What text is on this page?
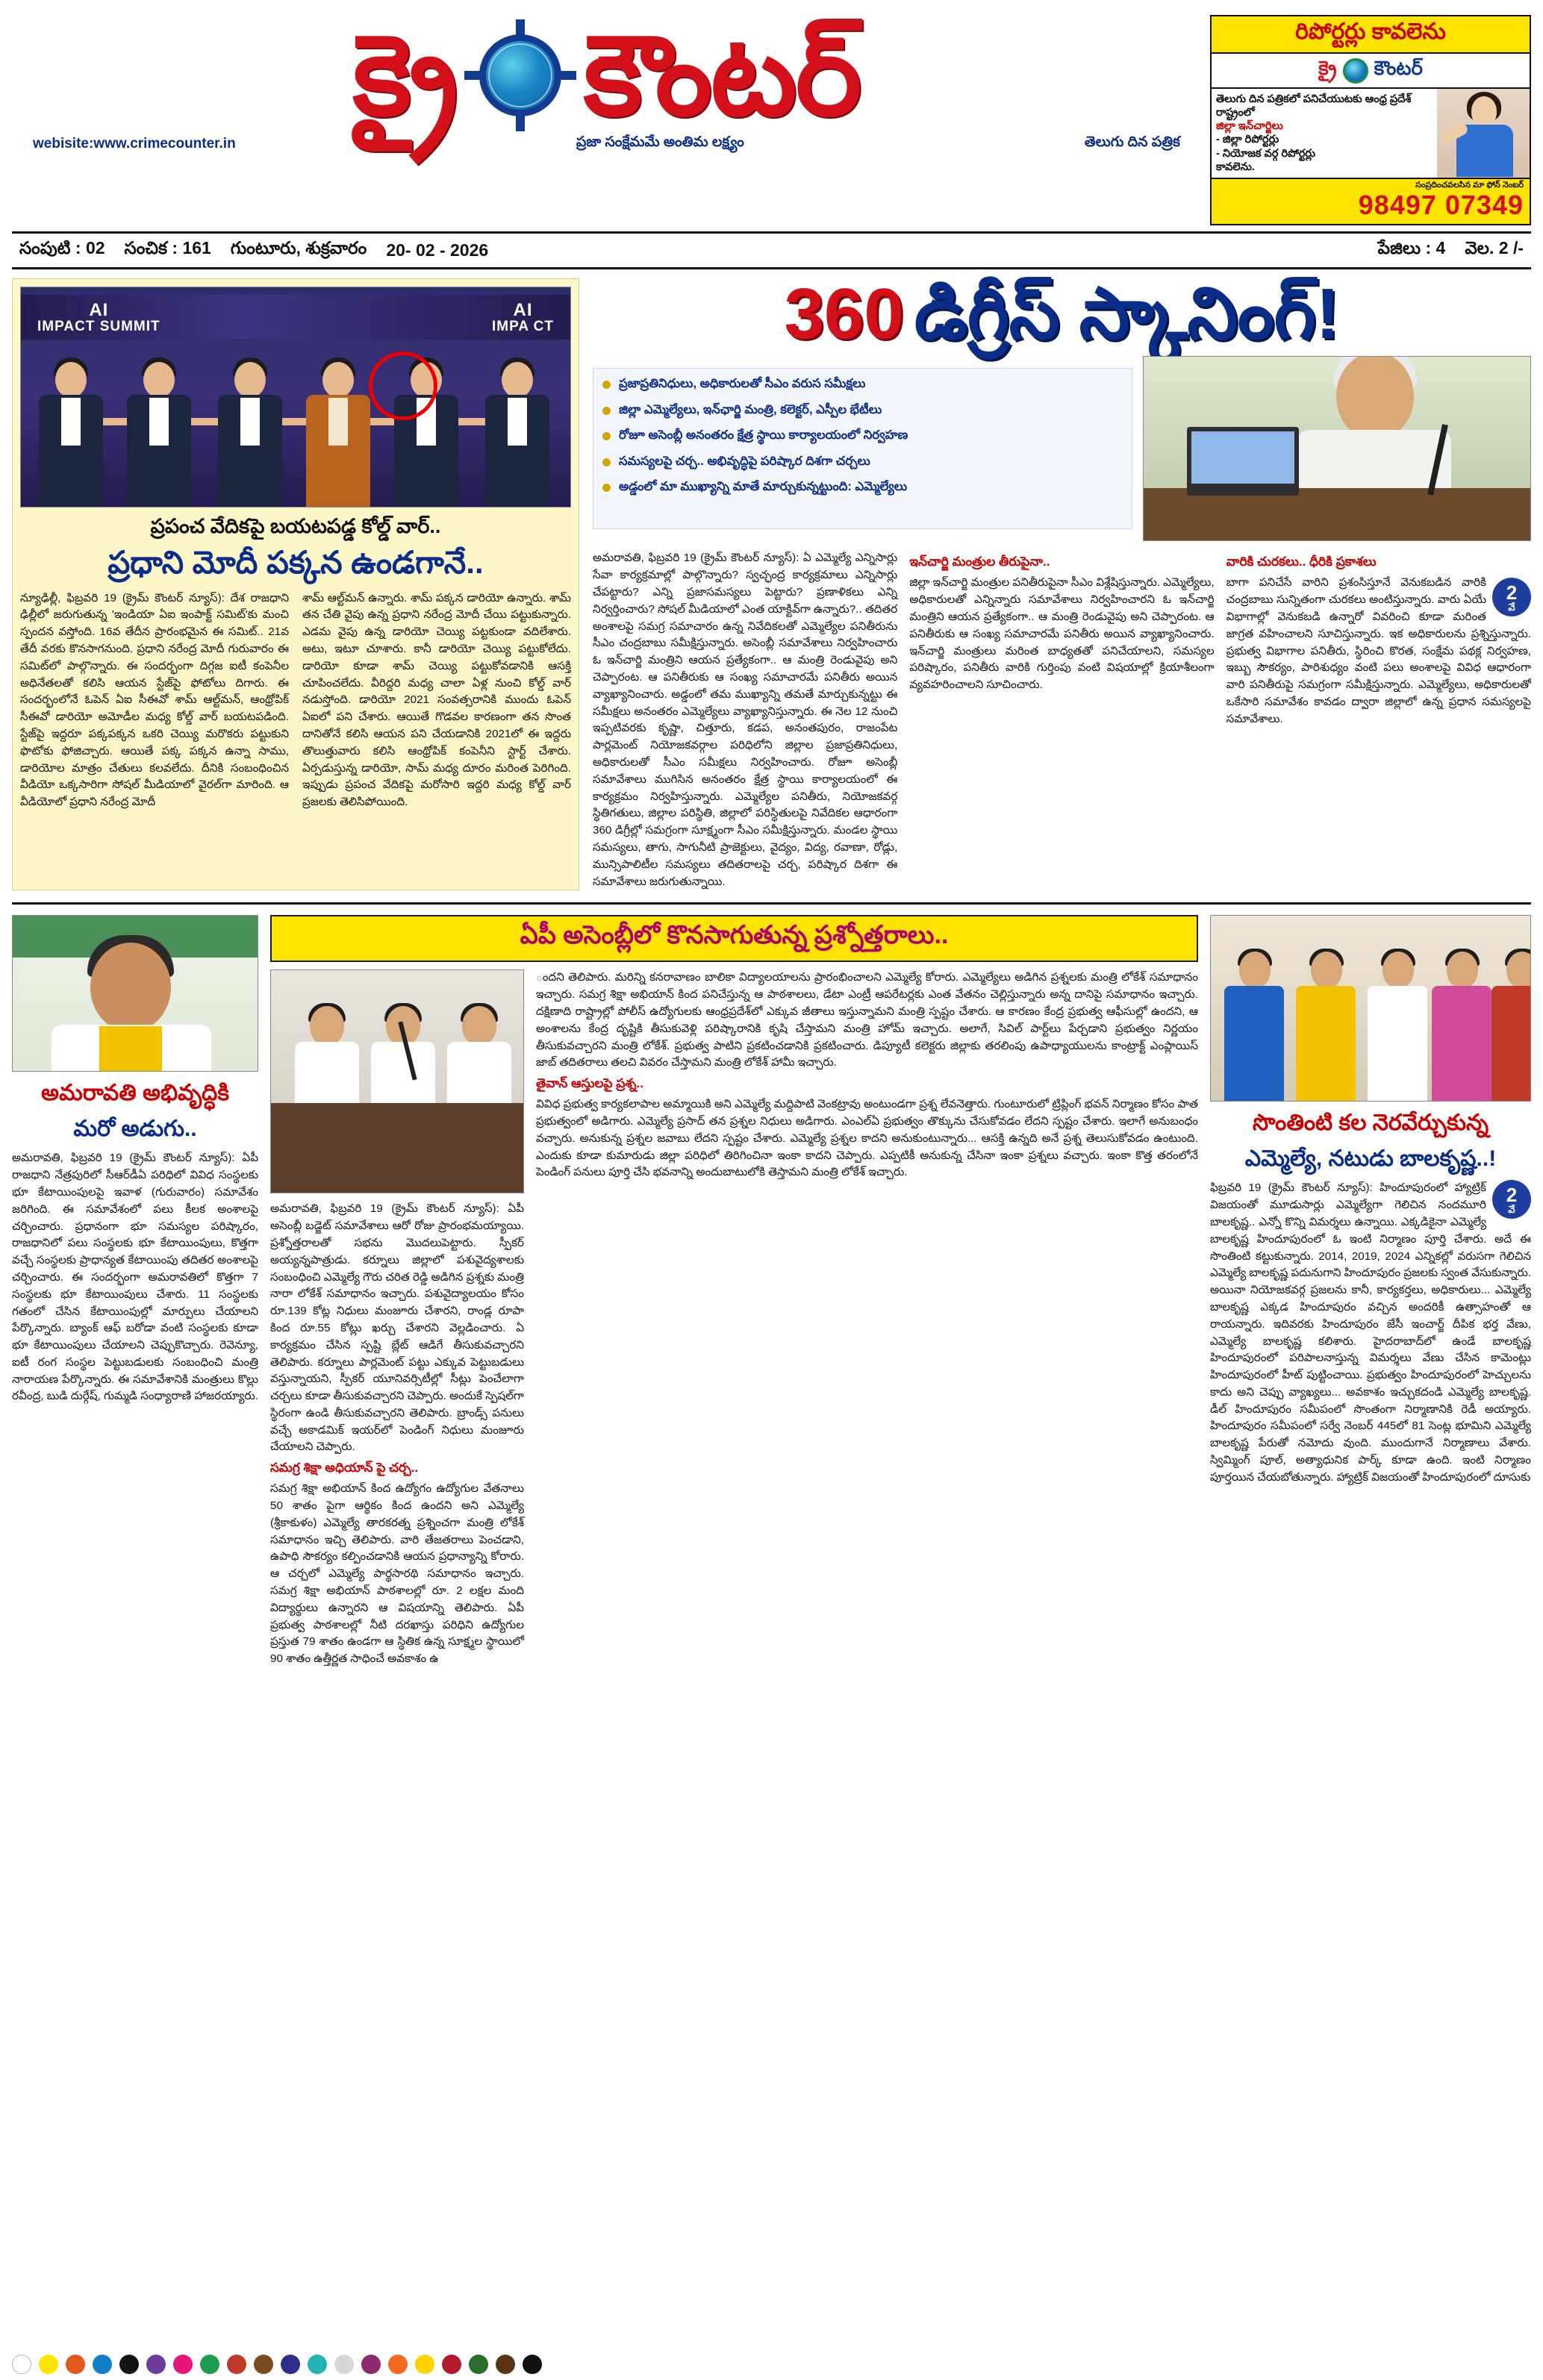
క్రై కౌంటర్
webisite:www.crimecounter.in	ప్రజా సంక్షేమమే అంతిమ లక్ష్యం	తెలుగు దిన పత్రిక
రిపోర్టర్లు కావలెను
క్రై కౌంటర్
తెలుగు దిన పత్రికలో పనిచేయుటకు ఆంధ్ర ప్రదేశ్ రాష్ట్రంలో
జిల్లా ఇన్‌చార్జిలు
- జిల్లా రిపోర్టర్లు
- నియోజక వర్గ రిపోర్టర్లు
కావలెను.
సంప్రదించవలసిన మా ఫోన్ నెంబర్
98497 07349
సంపుటి : 02 సంచిక : 161 గుంటూరు, శుక్రవారం 20- 02 - 2026	పేజిలు : 4 వెల. 2 /-
AI
IMPACT SUMMIT
AI
IMPA CT
ప్రపంచ వేదికపై బయటపడ్డ కోల్డ్ వార్..
ప్రధాని మోదీ పక్కన ఉండగానే..
న్యూఢిల్లీ, ఫిబ్రవరి 19 (క్రైమ్ కౌంటర్ న్యూస్): దేశ రాజధాని ఢిల్లీలో జరుగుతున్న 'ఇండియా ఏఐ ఇంపాక్ట్ సమిట్'కు మంచి స్పందన వస్తోంది. 16వ తేదీన ప్రారంభమైన ఈ సమిట్.. 21వ తేదీ వరకు కొనసాగనుంది. ప్రధాని నరేంద్ర మోదీ గురువారం ఈ సమిట్‌లో పాల్గొన్నారు. ఈ సందర్భంగా దిగ్గజ ఐటీ కంపెనీల అధినేతలతో కలిసి ఆయన స్టేజ్‌పై ఫోటోలు దిగారు. ఈ సందర్భంలోనే ఓపెన్ ఏఐ సీఈవో శామ్ ఆల్ట్‌మన్, ఆంథ్రోపిక్ సీఈవో డారియో అమోడీల మధ్య కోల్డ్ వార్ బయటపడింది. స్టేజ్‌పై ఇద్దరూ పక్కపక్కన ఒకరి చెయ్యి మరొకరు పట్టుకుని ఫొటోకు ఫోజిచ్చారు. ఆయితే పక్క పక్కన ఉన్నా సాము, డారియోల మాత్రం చేతులు కలవలేదు. దీనికి సంబంధించిన వీడియో ఒక్కసారిగా సోషల్ మీడియాలో వైరల్‌గా మారింది. ఆ వీడియోలో ప్రధాని నరేంద్ర మోదీ
శామ్ ఆల్ట్‌మన్ ఉన్నారు. శామ్ పక్కన డారియో ఉన్నారు. శామ్ తన చేతి వైపు ఉన్న ప్రధాని నరేంద్ర మోదీ చేయి పట్టుకున్నారు. ఎడమ వైపు ఉన్న డారియో చెయ్యి పట్టకుండా వదిలేశారు. అటు, ఇటూ చూశారు. కానీ డారియో చెయ్యి పట్టుకోలేదు. డారియో కూడా శామ్ చెయ్యి పట్టుకోవడానికి ఆసక్తి చూపించలేదు. వీరిద్దరి మధ్య చాలా ఏళ్ల నుంచి కోల్డ్ వార్ నడుస్తోంది. డారియో 2021 సంవత్సరానికి ముందు ఓపెన్ ఏఐలో పని చేశారు. ఆయితే గొడవల కారణంగా తన సొంత దానితోనే కలిసి ఆయన పని చేయడానికి 2021లో ఈ ఇద్దరు తొలుత్తువారు కలిసి ఆంథ్రోపిక్ కంపెనీని స్టార్ట్ చేశారు. ఏర్పడుస్తున్న డారియో, సామ్ మధ్య దూరం మరింత పెరిగింది. ఇప్పుడు ప్రపంచ వేదికపై మరోసారి ఇద్దరి మధ్య కోల్డ్ వార్ ప్రజలకు తెలిసిపోయింది.
360 డిగ్రీస్ స్కానింగ్!
ప్రజాప్రతినిధులు, అధికారులతో సీఎం వరుస సమీక్షలు
జిల్లా ఎమ్మెల్యేలు, ఇన్‌ఛార్జి మంత్రి, కలెక్టర్, ఎస్పీల భేటీలు
రోజూ అసెంబ్లీ అనంతరం క్షేత్ర స్థాయి కార్యాలయంలో నిర్వహణ
సమస్యలపై చర్చ.. అభివృద్ధిపై పరిష్కార దిశగా చర్చలు
అడ్డంలో మా ముఖ్యాన్ని మాతే మార్చుకున్నట్టుంది: ఎమ్మెల్యేలు
అమరావతి, ఫిబ్రవరి 19 (క్రైమ్ కౌంటర్ న్యూస్): ఏ ఎమ్మెల్యే ఎన్నిసార్లు సేవా కార్యక్రమాల్లో పాల్గొన్నారు? స్వచ్ఛంద్ర కార్యక్రమాలు ఎన్నిసార్లు చేపట్టారు? ఎన్ని ప్రజాసమస్యలు పెట్టారు? ప్రణాళికలు ఎన్ని నిర్వర్తించారు? సోషల్ మీడియాలో ఎంత యాక్టివ్‌గా ఉన్నారు?.. తదితర అంశాలపై సమగ్ర సమాచారం ఉన్న నివేదికలతో ఎమ్మెల్యేల పనితీరును సీఎం చంద్రబాబు సమీక్షిస్తున్నారు. అసెంబ్లీ సమావేశాలు నిర్వహించారు ఓ ఇన్‌చార్జి మంత్రిని ఆయన ప్రత్యేకంగా.. ఆ మంత్రి రెండువైపు అని చెప్పారంట. ఆ పనితీరుకు ఆ సంఖ్య సమాచారమే పనితీరు అయిన వ్యాఖ్యానించారు. అడ్డంలో తమ ముఖ్యాన్ని తమతే మార్చుకున్నట్టు ఈ సమీక్షలు అనంతరం ఎమ్మెల్యేలు వ్యాఖ్యానిస్తున్నారు. ఈ నెల 12 నుంచి ఇప్పటివరకు కృష్ణా, చిత్తూరు, కడప, అనంతపురం, రాజంపేట పార్లమెంట్ నియోజకవర్గాల పరిధిలోని జిల్లాల ప్రజాప్రతినిధులు, అధికారులతో సీఎం సమీక్షలు నిర్వహించారు. రోజూ అసెంబ్లీ సమావేశాలు ముగిసిన అనంతరం క్షేత్ర స్థాయి కార్యాలయంలో ఈ కార్యక్రమం నిర్వహిస్తున్నారు. ఎమ్మెల్యేల పనితీరు, నియోజకవర్గ స్థితిగతులు, జిల్లాల పరిస్థితి, జిల్లాలో పరిస్థితులపై నివేదికల ఆధారంగా 360 డిగ్రీల్లో సమగ్రంగా సూక్ష్మంగా సీఎం సమీక్షిస్తున్నారు. మండల స్థాయి సమస్యలు, తాగు, సాగునీటి ప్రాజెక్టులు, వైద్యం, విద్య, రవాణా, రోడ్లు, మున్సిపాలిటీల సమస్యలు తదితరాలపై చర్చ, పరిష్కార దిశగా ఈ సమావేశాలు జరుగుతున్నాయి.
ఇన్‌చార్జి మంత్రుల తీరుపైనా..
జిల్లా ఇన్‌చార్జి మంత్రుల పనితీరుపైనా సీఎం విశ్లేషిస్తున్నారు. ఎమ్మెల్యేలు, అధికారులతో ఎన్నిన్నారు సమావేశాలు నిర్వహించారని ఓ ఇన్‌చార్జి మంత్రిని ఆయన ప్రత్యేకంగా.. ఆ మంత్రి రెండువైపు అని చెప్పారంట. ఆ పనితీరుకు ఆ సంఖ్య సమాచారమే పనితీరు అయిన వ్యాఖ్యానించారు. ఇన్‌చార్జి మంత్రులు మరింత బాధ్యతతో పనిచేయాలని, సమస్యల పరిష్కారం, పనితీరు వారికి గుర్తింపు వంటి విషయాల్లో క్రియాశీలంగా వ్యవహరించాలని సూచించారు.
వారికి చురకలు.. ధీరికి ప్రకాశలు
2
వే
బాగా పనిచేసే వారిని ప్రశంసిస్తూనే వెనుకబడిన వారికి చంద్రబాబు సున్నితంగా చురకలు అంటిస్తున్నారు. వారు ఏయే విభాగాల్లో వెనుకబడి ఉన్నారో వివరించి కూడా మరింత జాగ్రత వహించాలని సూచిస్తున్నారు. ఇక అధికారులను ప్రశ్నిస్తున్నారు. ప్రభుత్వ విభాగాల పనితీరు, స్థిరించి కొరత, సంక్షేమ పథక్ల నిర్వహణ, ఇబ్బు సౌకర్యం, పారిశుధ్యం వంటి పలు అంశాలపై వివిధ ఆధారంగా వారి పనితీరుపై సమగ్రంగా సమీక్షిస్తున్నారు. ఎమ్మెల్యేలు, అధికారులతో ఒకేసారి సమావేశం కావడం ద్వారా జిల్లాలో ఉన్న ప్రధాన సమస్యలపై సమావేశాలు.
అమరావతి అభివృద్ధికి
మరో అడుగు..
అమరావతి, ఫిబ్రవరి 19 (క్రైమ్ కౌంటర్ న్యూస్): ఏపీ రాజధాని నేత్రపురిలో సీఆర్‌డీఏ పరిధిలో వివిధ సంస్థలకు భూ కేటాయింపులపై ఇవాళ (గురువారం) సమావేశం జరిగింది. ఈ సమావేశంలో పలు కీలక అంశాలపై చర్చించారు. ప్రధానంగా భూ సమస్యల పరిష్కారం, రాజధానిలో పలు సంస్థలకు భూ కేటాయింపులు, కొత్తగా వచ్చే సంస్థలకు ప్రాధాన్యత కేటాయింపు తదితర అంశాలపై చర్చించారు. ఈ సందర్భంగా అమరావతిలో కొత్తగా 7 సంస్థలకు భూ కేటాయింపులు చేశారు. 11 సంస్థలకు గతంలో చేసిన కేటాయింపుల్లో మార్పులు చేయాలని పేర్కొన్నారు. బ్యాంక్ ఆఫ్ బరోడా వంటి సంస్థలకు కూడా భూ కేటాయింపులు చేయాలని చెప్పుకొచ్చారు. రెవెన్యూ, ఐటీ రంగ సంస్థల పెట్టుబడులకు సంబంధించి మంత్రి నారాయణ పేర్కొన్నారు. ఈ సమావేశానికి మంత్రులు కొల్లు రవీంద్ర, బుడి దుర్గేష్, గుమ్మడి సంధ్యారాణి హాజరయ్యారు.
ఏపీ అసెంబ్లీలో కొనసాగుతున్న ప్రశ్నోత్తరాలు..
అమరావతి, ఫిబ్రవరి 19 (క్రైమ్ కౌంటర్ న్యూస్): ఏపీ అసెంబ్లీ బడ్జెట్ సమావేశాలు ఆరో రోజు ప్రారంభమయ్యాయి. ప్రశ్నోత్తరాలతో సభను మొదలుపెట్టారు. స్పీకర్ అయ్యన్నపాత్రుడు. కర్నూలు జిల్లాలో పశువైద్యశాలకు సంబంధించి ఎమ్మెల్యే గౌరు చరిత రెడ్డి అడిగిన ప్రశ్నకు మంత్రి నారా లోకేశ్ సమాధానం ఇచ్చారు. పశువైద్యాలయం కోసం రూ.139 కోట్ల నిధులు మంజూరు చేశారని, రాండ్ల రూపా కింద రూ.55 కోట్లు ఖర్చు చేశారని వెల్లడించారు. ఏ కార్యక్రమం చేసిన స్పష్టి బ్లేట్ ఆడిగే తీసుకువచ్చారని తెలిపారు. కర్నూలు పార్లమెంట్ పట్టు ఎక్కువ పెట్టుబడులు వస్తున్నాయని, స్పీకర్ యూనివర్సిటీల్లో సీట్లు పెంచేలాగా చర్చలు కూడా తీసుకువచ్చారని చెప్పారు. అందుకే స్పెషల్‌గా స్థిరంగా ఉండి తీసుకువచ్చారని తెలిపారు. బ్రాండ్స్ పనులు వచ్చే అకాడమిక్ ఇయర్‌లో పెండింగ్ నిధులు మంజూరు చేయాలని చెప్పారు.
సమగ్ర శిక్షా అధియాన్ పై చర్చ..
సమగ్ర శిక్షా అభియాన్ కింద ఉద్యోగం ఉద్యోగుల వేతనాలు 50 శాతం పైగా ఆర్థికం కింద ఉందని అని ఎమ్మెల్యే (శ్రీకాకుళం) ఎమ్మెల్యే తారకరత్న ప్రశ్నించగా మంత్రి లోకేశ్ సమాధానం ఇచ్చి తెలిపారు. వారి తేజతరాలు పెంచడాని, ఉపాధి సౌకర్యం కల్పించడానికి ఆయన ప్రధాన్యాన్ని కోరారు. ఆ చర్చలో ఎమ్మెల్యే పార్థసారథి సమాధానం ఇచ్చారు. సమగ్ర శిక్షా అభియాన్ పాఠశాలల్లో రూ. 2 లక్షల మంది విద్యార్థులు ఉన్నారని ఆ విషయాన్ని తెలిపారు. ఏపీ ప్రభుత్వ పాఠశాలల్లో నీటి దరఖాస్తు పరిధిని ఉద్యోగుల ప్రస్తుత 79 శాతం ఉండగా ఆ స్థితిక ఉన్న సూక్ష్మల స్థాయిలో 90 శాతం ఉత్తీర్ణత సాధించే అవకాశం ఉ
ందని తెలిపారు. మరిన్ని కనరావాణం బాలికా విద్యాలయాలను ప్రారంభించాలని ఎమ్మెల్యే కోరారు. ఎమ్మెల్యేలు అడిగిన ప్రశ్నలకు మంత్రి లోకేశ్ సమాధానం ఇచ్చారు. సమగ్ర శిక్షా అభియాన్ కింద పనిచేస్తున్న ఆ పాఠశాలలు, డేటా ఎంట్రీ ఆపరేటర్లకు ఎంత వేతనం చెల్లిస్తున్నారు అన్న దానిపై సమాధానం ఇచ్చారు. దక్షిణాది రాష్ట్రాల్లో పోలీస్ ఉద్యోగులకు ఆంధ్రప్రదేశ్‌లో ఎక్కువ జీతాలు ఇస్తున్నామని మంత్రి స్పష్టం చేశారు. ఆ కారణం కేంద్ర ప్రభుత్వ ఆఫీసుల్లో ఉందని, ఆ అంశాలను కేంద్ర దృష్టికి తీసుకువెళ్లి పరిష్కారానికి కృషి చేస్తామని మంత్రి హోమ్ ఇచ్చారు. అలాగే, సివిల్ పార్ట్‌లు పేర్చడాని ప్రభుత్వం నిర్ణయం తీసుకువచ్చారని మంత్రి లోకేశ్. ప్రభుత్వ పాటిని ప్రకటించడానికి ప్రకటించారు. డిప్యూటీ కలెక్టరు జిల్లాకు తరలింపు ఉపాధ్యాయులను కాంట్రాక్ట్ ఎంప్లాయిస్ జాబ్ తదితరాలు తలచి వివరం చేస్తామని మంత్రి లోకేశ్ హామీ ఇచ్చారు.
తైవాన్ ఆస్తులపై ప్రశ్న..
వివిధ ప్రభుత్వ కార్యకలాపాల అమ్మాయికి అని ఎమ్మెల్యే మద్దిపాటి వెంకట్రావు అంటుండగా ప్రశ్న లేవనెత్తారు. గుంటూరులో ట్రిప్లింగ్ భవన్ నిర్మాణం కోసం పాత ప్రభుత్వంలో అడిగారు. ఎమ్మెల్యే ప్రసాద్ తన ప్రశ్నల నిధులు అడిగారు. ఎంఎల్ఏ ప్రభుత్వం తొక్కును చేసుకోవడం లేదని స్పష్టం చేశారు. ఇలాగే అనుబంధం వచ్చారు. అనుకున్న ప్రశ్నల జవాబు లేదని స్పష్టం చేశారు. ఎమ్మెల్యే ప్రశ్నల కాదని అనుకుంటున్నారు... ఆసక్తి ఉన్నది అనే ప్రశ్న తెలుసుకోవడం ఉంటుంది. ఎందుకు కూడా కుమారుడు జిల్లా పరిధిలో తిరిగించినా ఇంకా కాదని చెప్పారు. ఎప్పటికీ అనుకున్న చేసినా ఇంకా ప్రశ్నలు వచ్చారు. ఇంకా కొత్త తరంలోనే పెండింగ్ పనులు పూర్తి చేసి భవనాన్ని అందుబాటులోకి తెస్తామని మంత్రి లోకేశ్ ఇచ్చారు.
సొంతింటి కల నెరవేర్చుకున్న
ఎమ్మెల్యే, నటుడు బాలకృష్ణ..!
2
వే
ఫిబ్రవరి 19 (క్రైమ్ కౌంటర్ న్యూస్): హిందూపురంలో హ్యాట్రిక్ విజయంతో మూడుసార్లు ఎమ్మెల్యేగా గెలిచిన నందమూరి బాలకృష్ణ.. ఎన్నో కొన్ని విమర్శలు ఉన్నాయి. ఎక్కడికైనా ఎమ్మెల్యే బాలకృష్ణ హిందూపురంలో ఓ ఇంటి నిర్మాణం పూర్తి చేశారు. అదే ఈ సొంతింటి కట్టుకున్నారు. 2014, 2019, 2024 ఎన్నికల్లో వరుసగా గెలిచిన ఎమ్మెల్యే బాలకృష్ణ పదునుగాని హిందూపురం ప్రజలకు స్వంత వేసుకున్నారు. అయినా నియోజకవర్గ ప్రజలను కానీ, కార్యకర్తలు, అధికారులు... ఎమ్మెల్యే బాలకృష్ణ ఎక్కడ హిందూపురం వచ్చిన అందరికీ ఉత్సాహంతో ఆ రాయన్నారు. ఇదివరకు హిందూపురం జేసీ ఇంచార్జ్ దీపిక భర్త వేణు, ఎమ్మెల్యే బాలకృష్ణ కలిశారు. హైదరాబాద్‌లో ఉండే బాలకృష్ణ హిందూపురంలో పరిపాలనాస్తున్న విమర్శలు వేణు చేసిన కామెంట్లు హిందూపురంలో హీట్ పుట్టించాయి. ప్రభుత్వం హిందూపురంలో హెచ్చులను కాదు అని చెప్పు వ్యాఖ్యలు... అవకాశం ఇచ్చుకదండి ఎమ్మెల్యే బాలకృష్ణ. డీల్ హిందూపురం సమీపంలో సొంతంగా నిర్మాణానికి రెడీ అయ్యారు. హిందూపురం సమీపంలో సర్వే నెంబర్ 445లో 81 సెంట్ల భూమిని ఎమ్మెల్యే బాలకృష్ణ పేరుతో నమోదు వుంది. ముందుగానే నిర్మాణాలు వేశారు. స్విమ్మింగ్ పూల్, అత్యాధునిక పార్క్ కూడా ఉంది. ఇంటి నిర్మాణం పూర్తయిన చేయబోతున్నారు. హ్యాట్రిక్ విజయంతో హిందూపురంలో దూసుకు
